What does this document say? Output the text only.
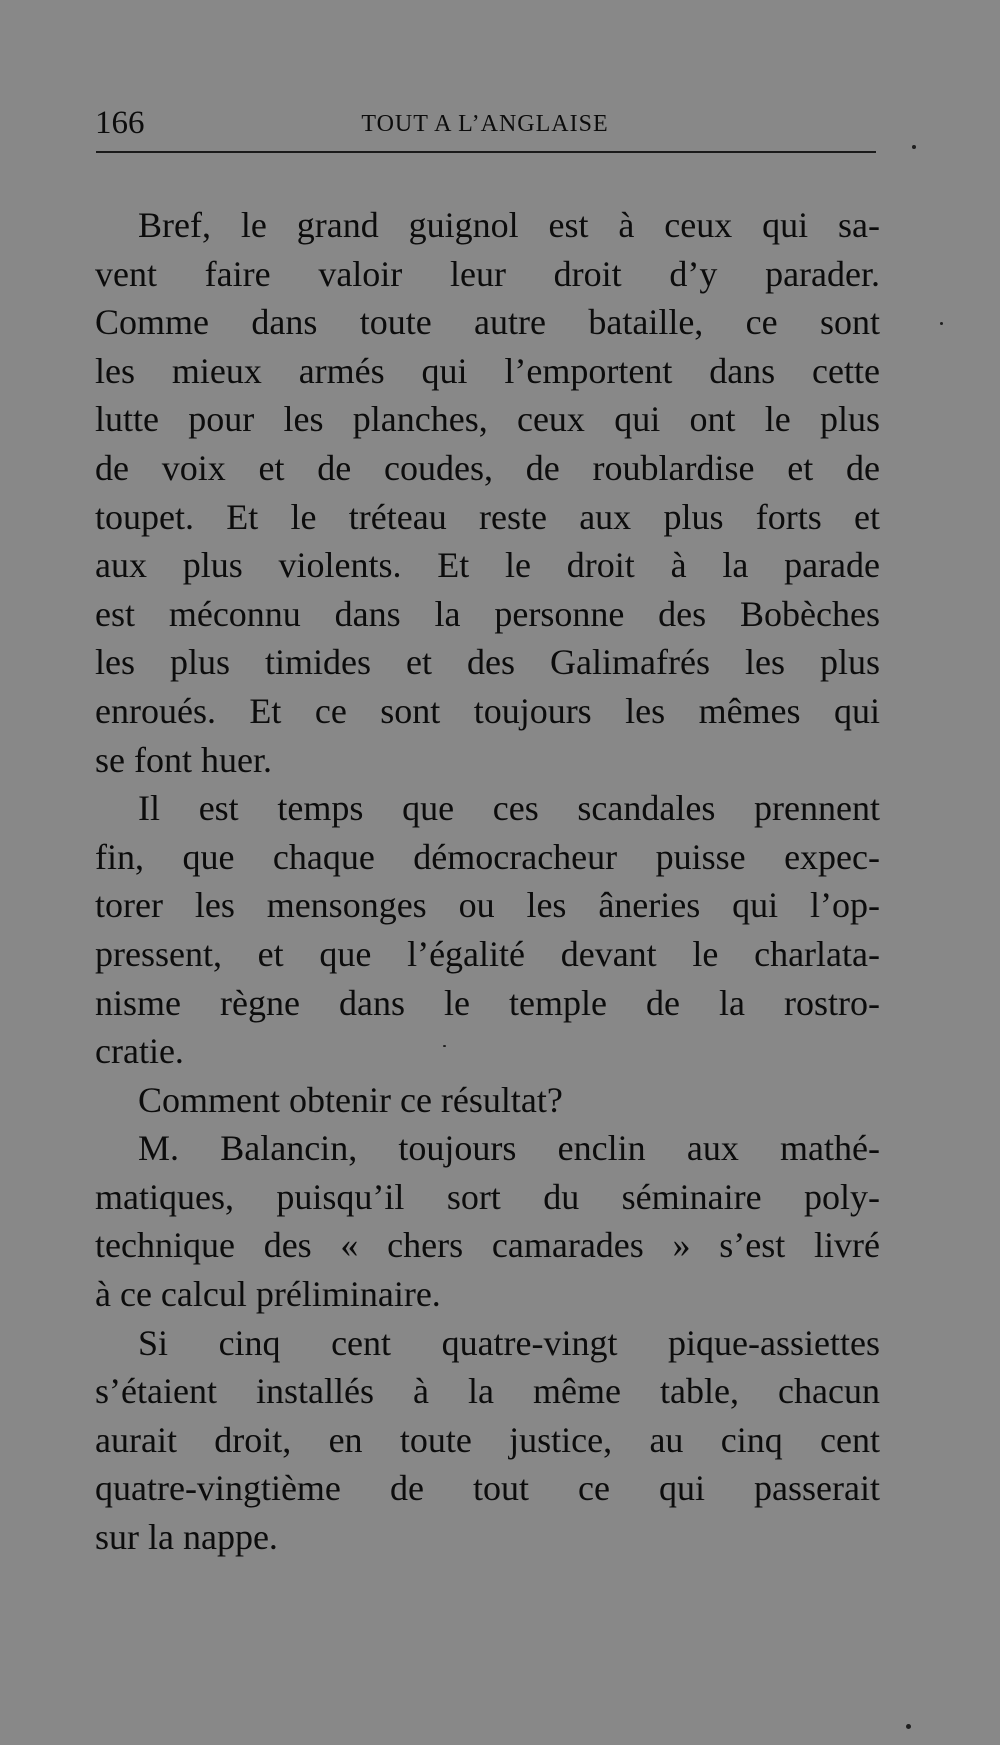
166	TOUT A L’ANGLAISE
Bref, le grand guignol est à ceux qui sa-
vent faire valoir leur droit d’y parader.
Comme dans toute autre bataille, ce sont
les mieux armés qui l’emportent dans cette
lutte pour les planches, ceux qui ont le plus
de voix et de coudes, de roublardise et de
toupet. Et le tréteau reste aux plus forts et
aux plus violents. Et le droit à la parade
est méconnu dans la personne des Bobèches
les plus timides et des Galimafrés les plus
enroués. Et ce sont toujours les mêmes qui
se font huer.
Il est temps que ces scandales prennent
fin, que chaque démocracheur puisse expec-
torer les mensonges ou les âneries qui l’op-
pressent, et que l’égalité devant le charlata-
nisme règne dans le temple de la rostro-
cratie.
Comment obtenir ce résultat?
M. Balancin, toujours enclin aux mathé-
matiques, puisqu’il sort du séminaire poly-
technique des « chers camarades » s’est livré
à ce calcul préliminaire.
Si cinq cent quatre-vingt pique-assiettes
s’étaient installés à la même table, chacun
aurait droit, en toute justice, au cinq cent
quatre-vingtième de tout ce qui passerait
sur la nappe.
